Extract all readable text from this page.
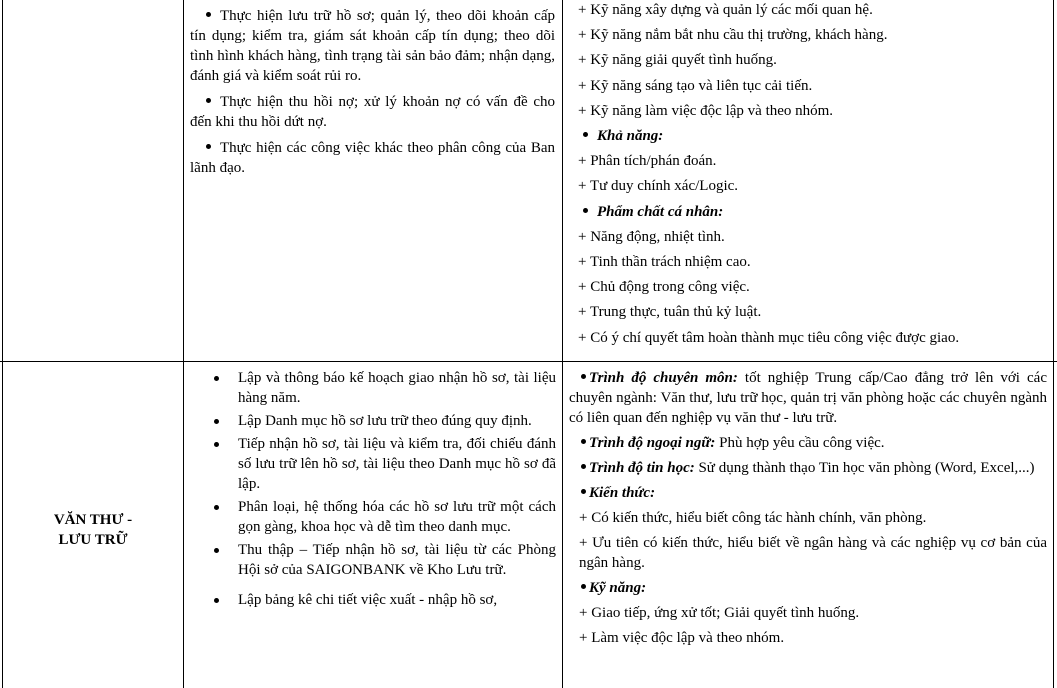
Thực hiện lưu trữ hồ sơ; quản lý, theo dõi khoản cấp tín dụng; kiểm tra, giám sát khoản cấp tín dụng; theo dõi tình hình khách hàng, tình trạng tài sản bảo đảm; nhận dạng, đánh giá và kiểm soát rủi ro.

Thực hiện thu hồi nợ; xử lý khoản nợ có vấn đề cho đến khi thu hồi dứt nợ.

Thực hiện các công việc khác theo phân công của Ban lãnh đạo.

+ Kỹ năng xây dựng và quản lý các mối quan hệ.

+ Kỹ năng nắm bắt nhu cầu thị trường, khách hàng.

+ Kỹ năng giải quyết tình huống.

+ Kỹ năng sáng tạo và liên tục cải tiến.

+ Kỹ năng làm việc độc lập và theo nhóm.

Khả năng:

+ Phân tích/phán đoán.

+ Tư duy chính xác/Logic.

Phẩm chất cá nhân:

+ Năng động, nhiệt tình.

+ Tinh thần trách nhiệm cao.

+ Chủ động trong công việc.

+ Trung thực, tuân thủ kỷ luật.

+ Có ý chí quyết tâm hoàn thành mục tiêu công việc được giao.

VĂN THƯ -
LƯU TRỮ
Lập và thông báo kế hoạch giao nhận hồ sơ, tài liệu hàng năm.
Lập Danh mục hồ sơ lưu trữ theo đúng quy định.
Tiếp nhận hồ sơ, tài liệu và kiểm tra, đối chiếu đánh số lưu trữ lên hồ sơ, tài liệu theo Danh mục hồ sơ đã lập.
Phân loại, hệ thống hóa các hồ sơ lưu trữ một cách gọn gàng, khoa học và dễ tìm theo danh mục.
Thu thập – Tiếp nhận hồ sơ, tài liệu từ các Phòng Hội sở của SAIGONBANK về Kho Lưu trữ.
Lập bảng kê chi tiết việc xuất - nhập hồ sơ,

Trình độ chuyên môn: tốt nghiệp Trung cấp/Cao đẳng trở lên với các chuyên ngành: Văn thư, lưu trữ học, quản trị văn phòng hoặc các chuyên ngành có liên quan đến nghiệp vụ văn thư - lưu trữ.

Trình độ ngoại ngữ: Phù hợp yêu cầu công việc.

Trình độ tin học: Sử dụng thành thạo Tin học văn phòng (Word, Excel,...)

Kiến thức:

+ Có kiến thức, hiểu biết công tác hành chính, văn phòng.

+ Ưu tiên có kiến thức, hiểu biết về ngân hàng và các nghiệp vụ cơ bản của ngân hàng.

Kỹ năng:

+ Giao tiếp, ứng xử tốt; Giải quyết tình huống.

+ Làm việc độc lập và theo nhóm.
